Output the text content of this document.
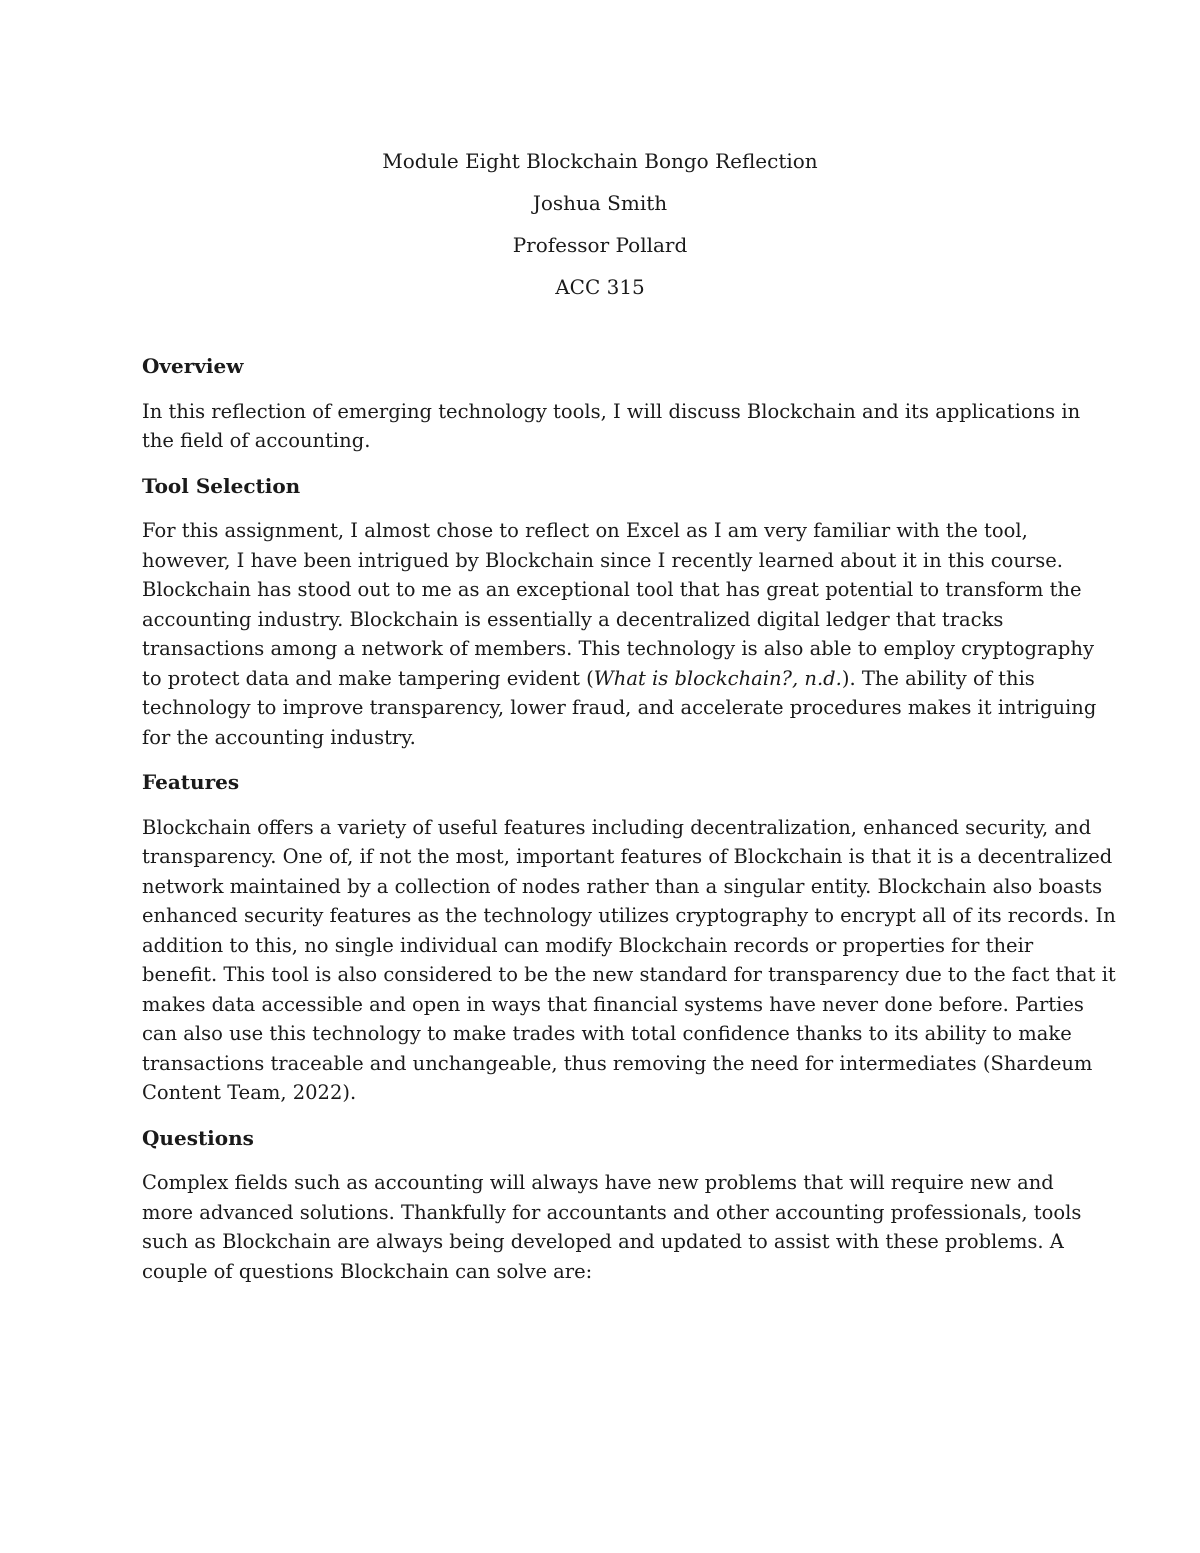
Module Eight Blockchain Bongo Reflection

Joshua Smith

Professor Pollard

ACC 315

Overview

In this reflection of emerging technology tools, I will discuss Blockchain and its applications in
the field of accounting.

Tool Selection

For this assignment, I almost chose to reflect on Excel as I am very familiar with the tool,
however, I have been intrigued by Blockchain since I recently learned about it in this course.
Blockchain has stood out to me as an exceptional tool that has great potential to transform the
accounting industry. Blockchain is essentially a decentralized digital ledger that tracks
transactions among a network of members. This technology is also able to employ cryptography
to protect data and make tampering evident (What is blockchain?, n.d.). The ability of this
technology to improve transparency, lower fraud, and accelerate procedures makes it intriguing
for the accounting industry.

Features

Blockchain offers a variety of useful features including decentralization, enhanced security, and
transparency. One of, if not the most, important features of Blockchain is that it is a decentralized
network maintained by a collection of nodes rather than a singular entity. Blockchain also boasts
enhanced security features as the technology utilizes cryptography to encrypt all of its records. In
addition to this, no single individual can modify Blockchain records or properties for their
benefit. This tool is also considered to be the new standard for transparency due to the fact that it
makes data accessible and open in ways that financial systems have never done before. Parties
can also use this technology to make trades with total confidence thanks to its ability to make
transactions traceable and unchangeable, thus removing the need for intermediates (Shardeum
Content Team, 2022).

Questions

Complex fields such as accounting will always have new problems that will require new and
more advanced solutions. Thankfully for accountants and other accounting professionals, tools
such as Blockchain are always being developed and updated to assist with these problems. A
couple of questions Blockchain can solve are:
